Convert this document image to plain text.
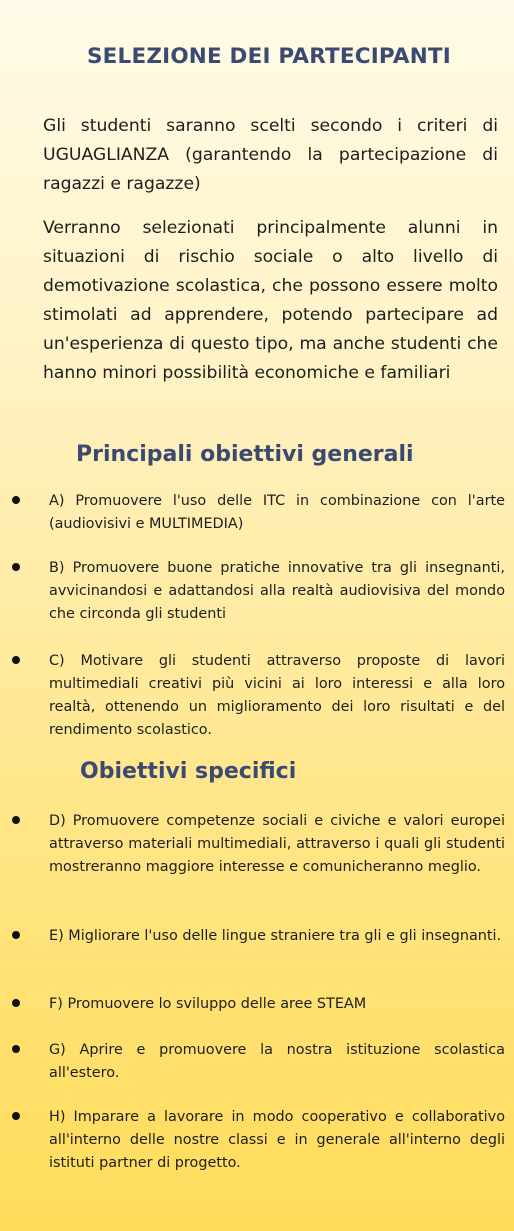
SELEZIONE DEI PARTECIPANTI

Gli studenti saranno scelti secondo i criteri di UGUAGLIANZA (garantendo la partecipazione di ragazzi e ragazze)

Verranno selezionati principalmente alunni in situazioni di rischio sociale o alto livello di demotivazione scolastica, che possono essere molto stimolati ad apprendere, potendo partecipare ad un'esperienza di questo tipo, ma anche studenti che hanno minori possibilità economiche e familiari

Principali obiettivi generali

A) Promuovere l'uso delle ITC in combinazione con l'arte (audiovisivi e MULTIMEDIA)

B) Promuovere buone pratiche innovative tra gli insegnanti, avvicinandosi e adattandosi alla realtà audiovisiva del mondo che circonda gli studenti

C) Motivare gli studenti attraverso proposte di lavori multimediali creativi più vicini ai loro interessi e alla loro realtà, ottenendo un miglioramento dei loro risultati e del rendimento scolastico.

Obiettivi specifici

D) Promuovere competenze sociali e civiche e valori europei attraverso materiali multimediali, attraverso i quali gli studenti mostreranno maggiore interesse e comunicheranno meglio.

E) Migliorare l'uso delle lingue straniere tra gli e gli insegnanti.

F) Promuovere lo sviluppo delle aree STEAM

G) Aprire e promuovere la nostra istituzione scolastica all'estero.

H) Imparare a lavorare in modo cooperativo e collaborativo all'interno delle nostre classi e in generale all'interno degli istituti partner di progetto.
